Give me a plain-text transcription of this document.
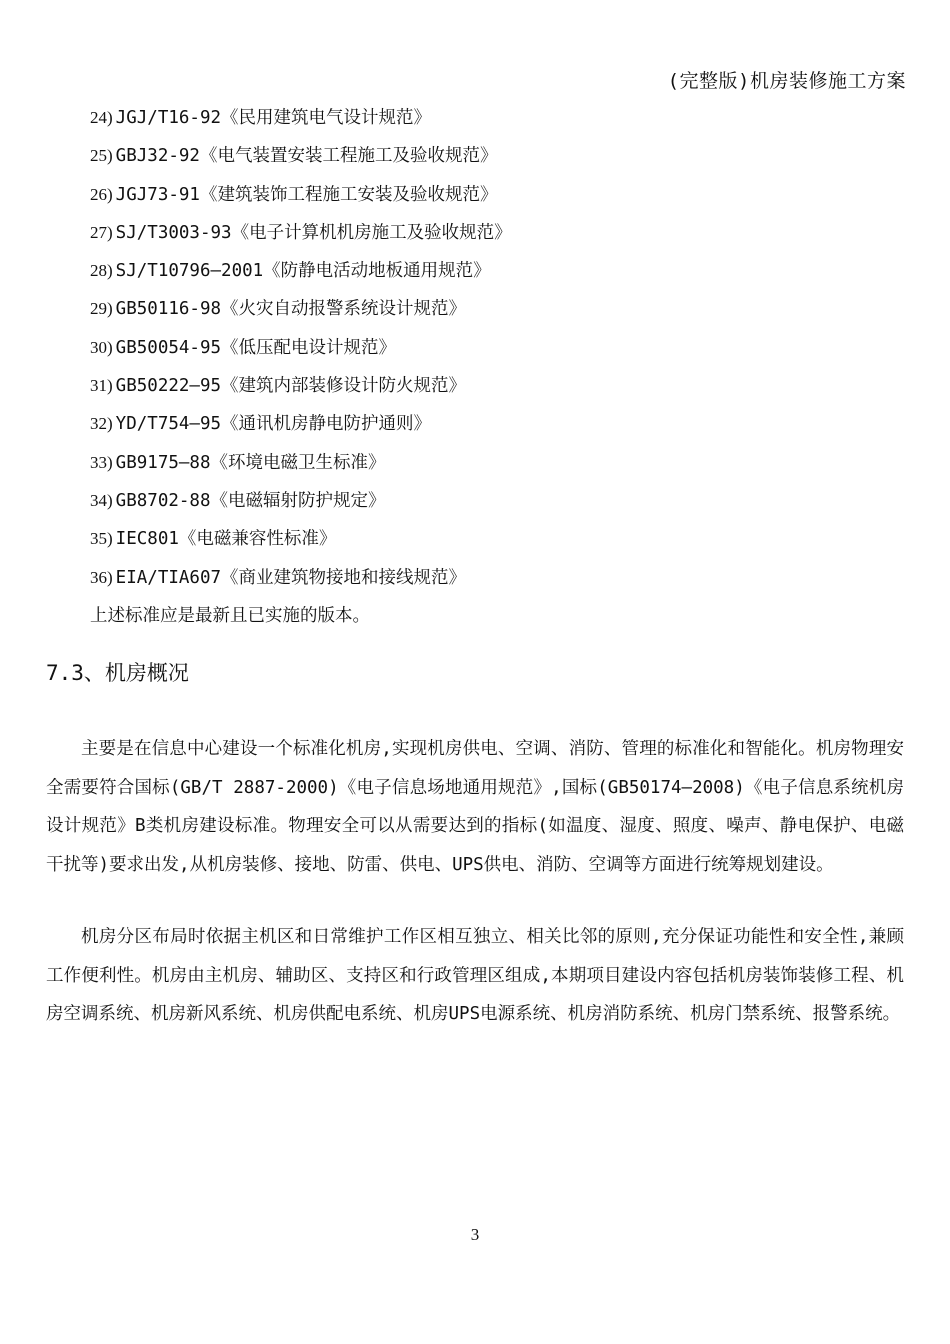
(完整版)机房装修施工方案
24) JGJ/T16-92《民用建筑电气设计规范》
25) GBJ32-92《电气装置安装工程施工及验收规范》
26) JGJ73-91《建筑装饰工程施工安装及验收规范》
27) SJ/T3003-93《电子计算机机房施工及验收规范》
28) SJ/T10796—2001《防静电活动地板通用规范》
29) GB50116-98《火灾自动报警系统设计规范》
30) GB50054-95《低压配电设计规范》
31) GB50222—95《建筑内部装修设计防火规范》
32) YD/T754—95《通讯机房静电防护通则》
33) GB9175—88《环境电磁卫生标准》
34) GB8702-88《电磁辐射防护规定》
35) IEC801《电磁兼容性标准》
36) EIA/TIA607《商业建筑物接地和接线规范》
上述标准应是最新且已实施的版本。
7.3、机房概况

主要是在信息中心建设一个标准化机房,实现机房供电、空调、消防、管理的标准化和智能化。机房物理安全需要符合国标(GB/T 2887-2000)《电子信息场地通用规范》,国标(GB50174—2008)《电子信息系统机房设计规范》B类机房建设标准。物理安全可以从需要达到的指标(如温度、湿度、照度、噪声、静电保护、电磁干扰等)要求出发,从机房装修、接地、防雷、供电、UPS供电、消防、空调等方面进行统筹规划建设。

机房分区布局时依据主机区和日常维护工作区相互独立、相关比邻的原则,充分保证功能性和安全性,兼顾工作便利性。机房由主机房、辅助区、支持区和行政管理区组成,本期项目建设内容包括机房装饰装修工程、机房空调系统、机房新风系统、机房供配电系统、机房UPS电源系统、机房消防系统、机房门禁系统、报警系统。

3
